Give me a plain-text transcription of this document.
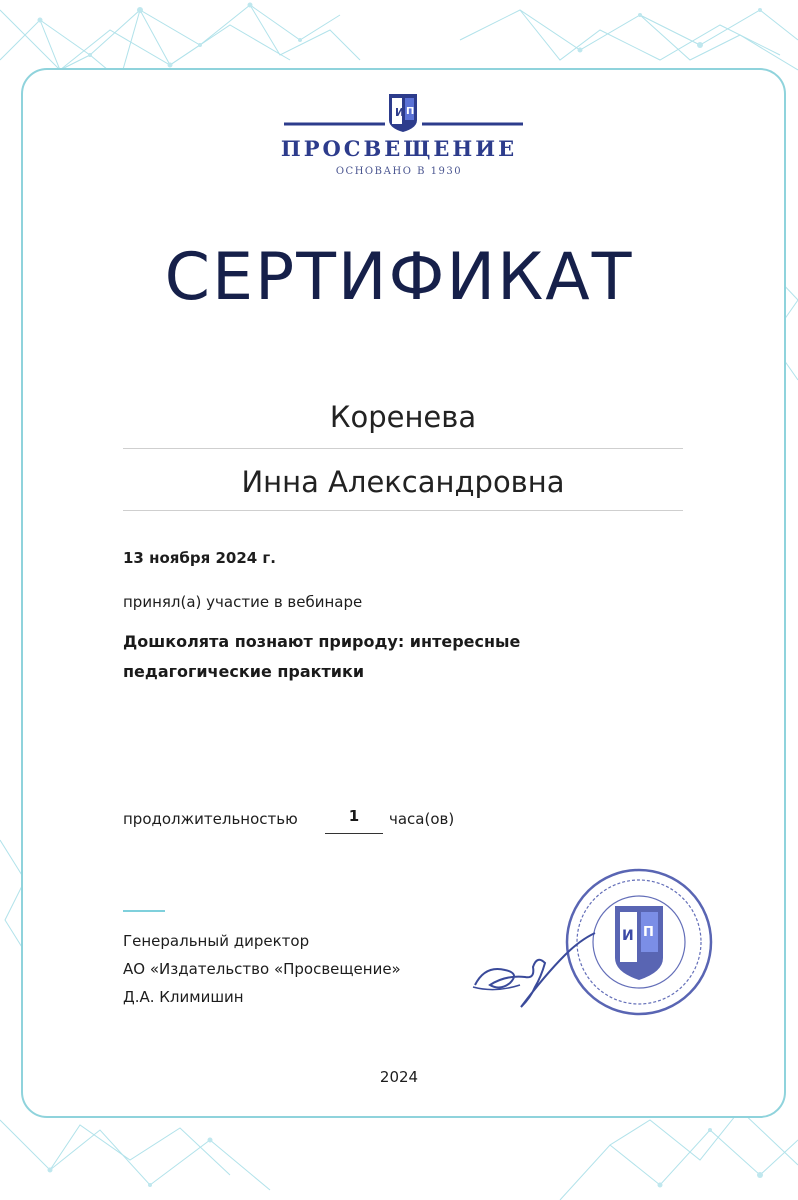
И П
ПРОСВЕЩЕНИЕ
ОСНОВАНО В 1930
СЕРТИФИКАТ
Коренева
Инна Александровна
13 ноября 2024 г.
принял(а) участие в вебинаре
Дошколята познают природу: интересные
педагогические практики
продолжительностью	1	часа(ов)
Генеральный директор
АО «Издательство «Просвещение»
Д.А. Климишин
И П
2024
